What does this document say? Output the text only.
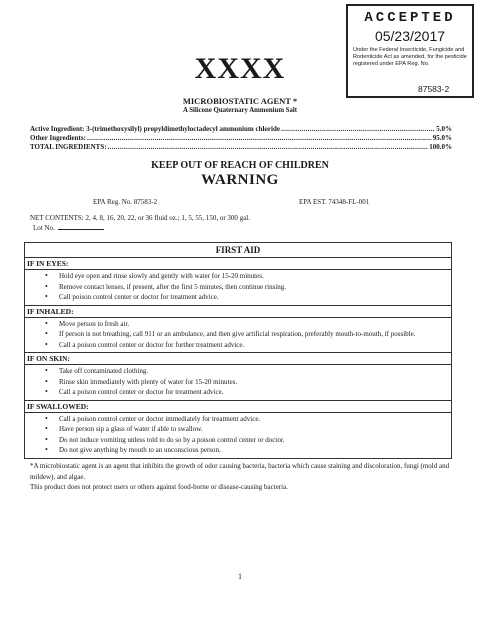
ACCEPTED
05/23/2017
Under the Federal Insecticide, Fungicide and Rodenticide Act as amended, for the pesticide registered under EPA Reg. No.
87583-2
XXXX
MICROBIOSTATIC AGENT *
A Silicone Quaternary Ammonium Salt
Active Ingredient: 3-(trimethoxysilyl) propyldimethyloctadecyl ammonium chloride .....	5.0%
Other Ingredients: .....	95.0%
TOTAL INGREDIENTS: .....	100.0%
KEEP OUT OF REACH OF CHILDREN
WARNING
EPA Reg. No. 87583-2	EPA EST. 74348-FL-001
NET CONTENTS: 2, 4, 8, 16, 20, 22, or 36 fluid oz.; 1, 5, 55, 150, or 300 gal.
Lot No.
FIRST AID
IF IN EYES:

• Hold eye open and rinse slowly and gently with water for 15-20 minutes.
• Remove contact lenses, if present, after the first 5 minutes, then continue rinsing.
• Call poison control center or doctor for treatment advice.

IF INHALED:

• Move person to fresh air.
• If person is not breathing, call 911 or an ambulance, and then give artificial respiration, preferably mouth-to-mouth, if possible.
• Call a poison control center or doctor for further treatment advice.

IF ON SKIN:

• Take off contaminated clothing.
• Rinse skin immediately with plenty of water for 15-20 minutes.
• Call a poison control center or doctor for treatment advice.

IF SWALLOWED:

• Call a poison control center or doctor immediately for treatment advice.
• Have person sip a glass of water if able to swallow.
• Do not induce vomiting unless told to do so by a poison control center or doctor.
• Do not give anything by mouth to an unconscious person.

*A microbiostatic agent is an agent that inhibits the growth of odor causing bacteria, bacteria which cause staining and discoloration, fungi (mold and mildew), and algae.

This product does not protect users or others against food-borne or disease-causing bacteria.

1
